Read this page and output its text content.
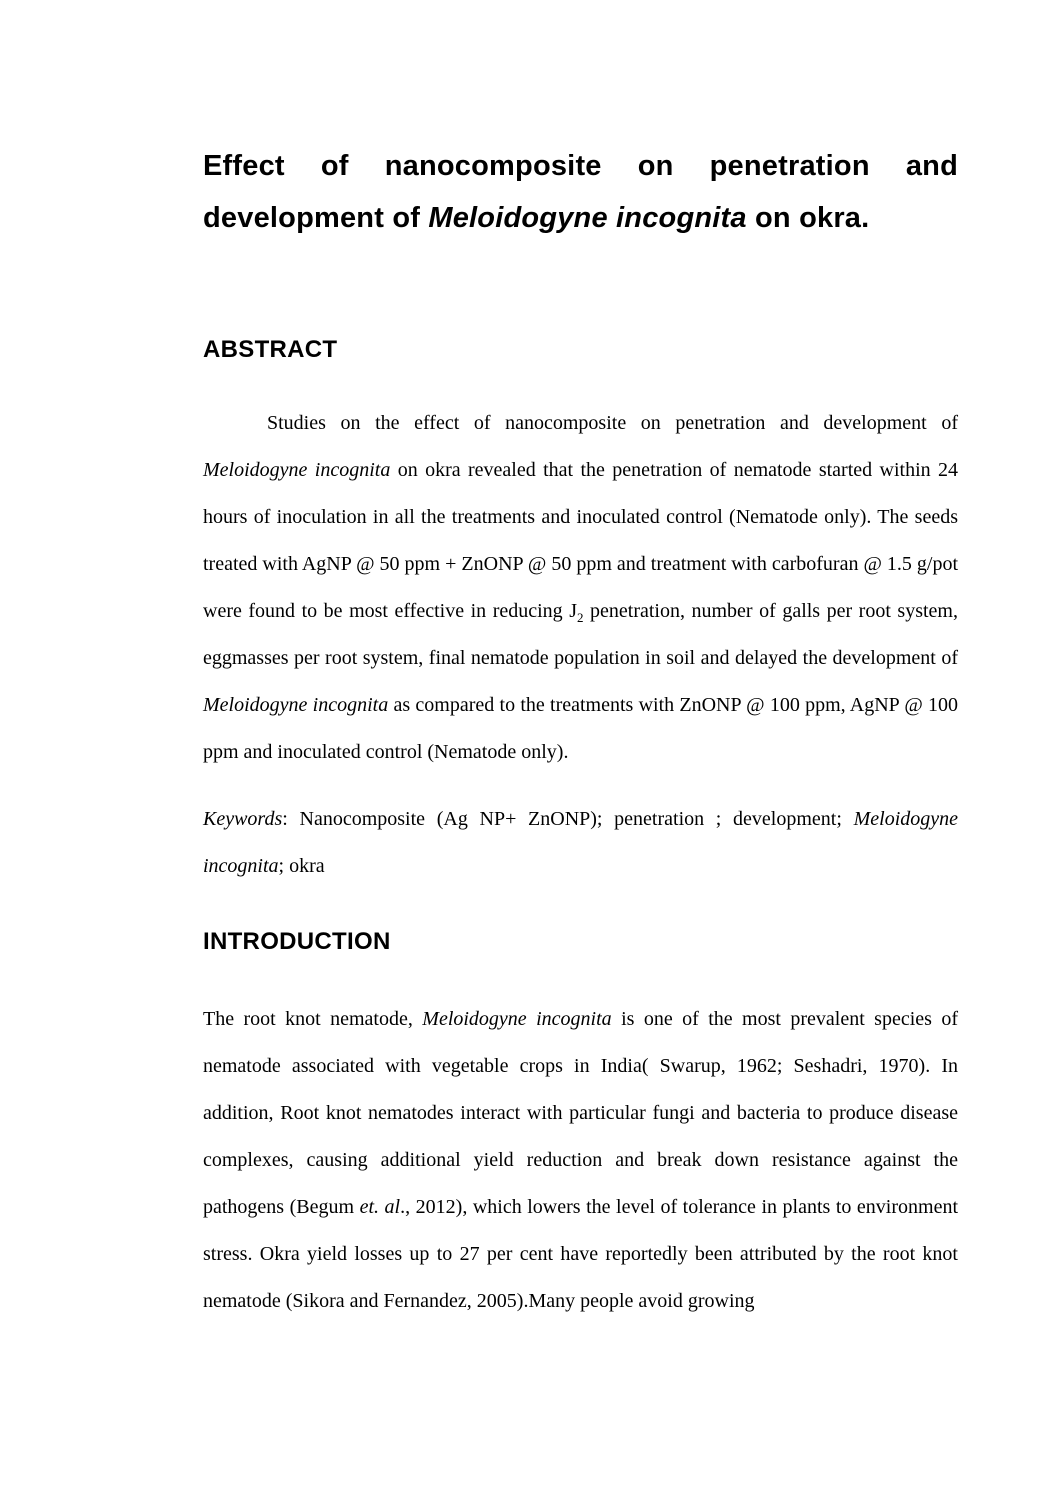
Effect of nanocomposite on penetration and development of Meloidogyne incognita on okra.
ABSTRACT

Studies on the effect of nanocomposite on penetration and development of Meloidogyne incognita on okra revealed that the penetration of nematode started within 24 hours of inoculation in all the treatments and inoculated control (Nematode only). The seeds treated with AgNP @ 50 ppm + ZnONP @ 50 ppm and treatment with carbofuran @ 1.5 g/pot were found to be most effective in reducing $J_2$ penetration, number of galls per root system, eggmasses per root system, final nematode population in soil and delayed the development of Meloidogyne incognita as compared to the treatments with ZnONP @ 100 ppm, AgNP @ 100 ppm and inoculated control (Nematode only).

Keywords: Nanocomposite (Ag NP+ ZnONP); penetration ; development; Meloidogyne incognita; okra

INTRODUCTION

The root knot nematode, Meloidogyne incognita is one of the most prevalent species of nematode associated with vegetable crops in India( Swarup, 1962; Seshadri, 1970). In addition, Root knot nematodes interact with particular fungi and bacteria to produce disease complexes, causing additional yield reduction and break down resistance against the pathogens (Begum et. al., 2012), which lowers the level of tolerance in plants to environment stress. Okra yield losses up to 27 per cent have reportedly been attributed by the root knot nematode (Sikora and Fernandez, 2005).Many people avoid growing
